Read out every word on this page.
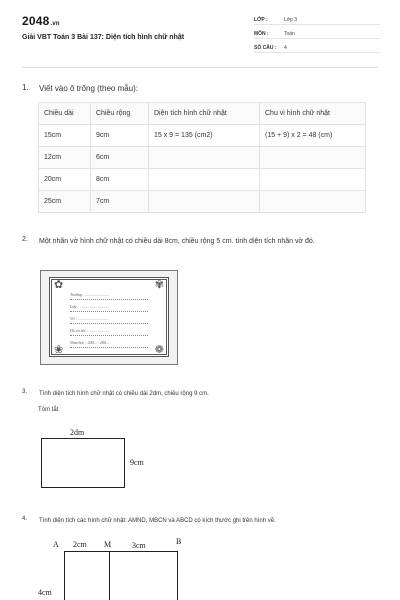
2048.vn
Giải VBT Toán 3 Bài 137: Diện tích hình chữ nhật
LỚP :	Lớp 3
MÔN :	Toán
SỐ CÂU : 4
1. Viết vào ô trống (theo mẫu):
Chiều dài	Chiều rộng	Diện tích hình chữ nhật	Chu vi hình chữ nhật
15cm	9cm	15 x 9 = 135 (cm2)	(15 + 9) x 2 = 48 (cm)
12cm	6cm		
20cm	8cm		
25cm	7cm		
2. Một nhãn vở hình chữ nhật có chiều dài 8cm, chiều rộng 5 cm. tính diện tích nhãn vở đó.
✿	✾
❀	❁
Trường : ........................
Lớp : ............................
Vở : ..............................
Họ và tên : .....................
Năm học : 200... - 200...
3. Tính diện tích hình chữ nhật có chiều dài 2dm, chiều rộng 9 cm.
Tóm tắt
2dm
9cm
4. Tính diện tích các hình chữ nhật: AMND, MBCN và ABCD có kích thước ghi trên hình vẽ.
A 2cm M	3cm	B
4cm
